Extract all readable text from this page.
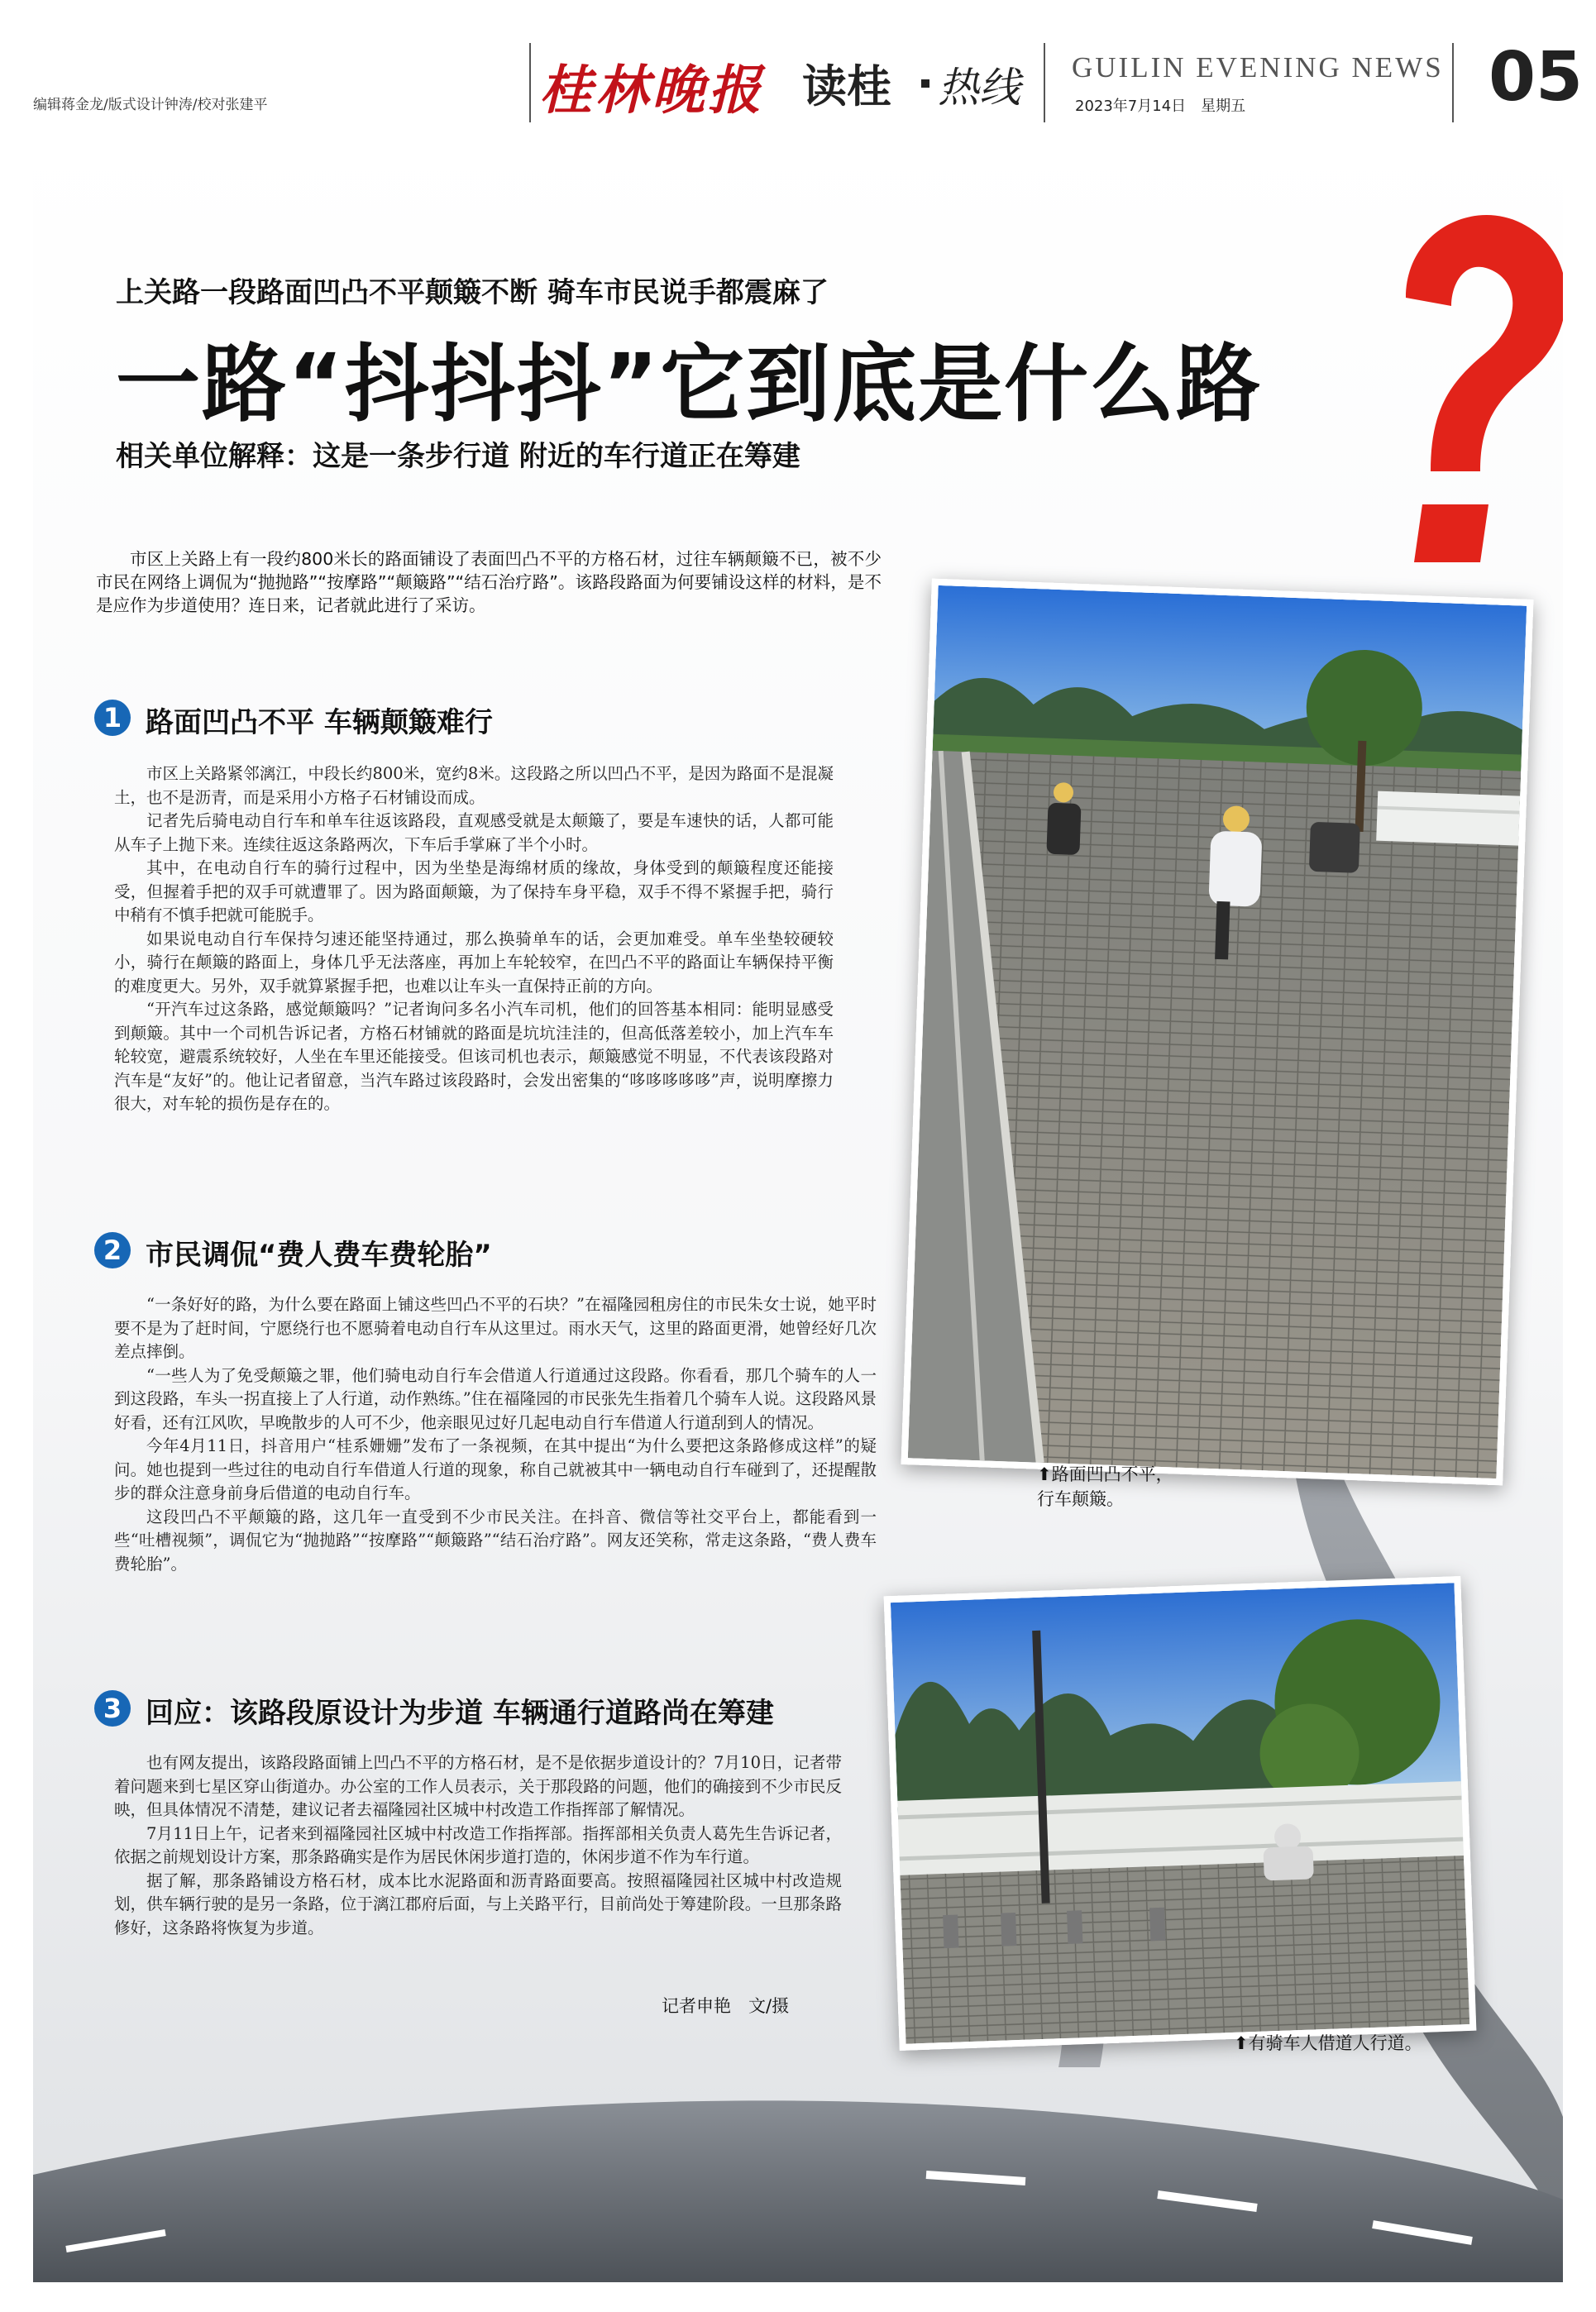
编辑蒋金龙/版式设计钟涛/校对张建平	桂林晚报 读桂 热线 GUILIN EVENING NEWS
2023年7月14日　星期五	05
上关路一段路面凹凸不平颠簸不断 骑车市民说手都震麻了
一路“抖抖抖”它到底是什么路
相关单位解释：这是一条步行道 附近的车行道正在筹建
市区上关路上有一段约800米长的路面铺设了表面凹凸不平的方格石材，过往车辆颠簸不已，被不少市民在网络上调侃为“抛抛路”“按摩路”“颠簸路”“结石治疗路”。该路段路面为何要铺设这样的材料，是不是应作为步道使用？连日来，记者就此进行了采访。
1 路面凹凸不平 车辆颠簸难行

市区上关路紧邻漓江，中段长约800米，宽约8米。这段路之所以凹凸不平，是因为路面不是混凝土，也不是沥青，而是采用小方格子石材铺设而成。

记者先后骑电动自行车和单车往返该路段，直观感受就是太颠簸了，要是车速快的话，人都可能从车子上抛下来。连续往返这条路两次，下车后手掌麻了半个小时。

其中，在电动自行车的骑行过程中，因为坐垫是海绵材质的缘故，身体受到的颠簸程度还能接受，但握着手把的双手可就遭罪了。因为路面颠簸，为了保持车身平稳，双手不得不紧握手把，骑行中稍有不慎手把就可能脱手。

如果说电动自行车保持匀速还能坚持通过，那么换骑单车的话，会更加难受。单车坐垫较硬较小，骑行在颠簸的路面上，身体几乎无法落座，再加上车轮较窄，在凹凸不平的路面让车辆保持平衡的难度更大。另外，双手就算紧握手把，也难以让车头一直保持正前的方向。

“开汽车过这条路，感觉颠簸吗？”记者询问多名小汽车司机，他们的回答基本相同：能明显感受到颠簸。其中一个司机告诉记者，方格石材铺就的路面是坑坑洼洼的，但高低落差较小，加上汽车车轮较宽，避震系统较好，人坐在车里还能接受。但该司机也表示，颠簸感觉不明显，不代表该段路对汽车是“友好”的。他让记者留意，当汽车路过该段路时，会发出密集的“哆哆哆哆哆”声，说明摩擦力很大，对车轮的损伤是存在的。

2 市民调侃“费人费车费轮胎”

“一条好好的路，为什么要在路面上铺这些凹凸不平的石块？”在福隆园租房住的市民朱女士说，她平时要不是为了赶时间，宁愿绕行也不愿骑着电动自行车从这里过。雨水天气，这里的路面更滑，她曾经好几次差点摔倒。

“一些人为了免受颠簸之罪，他们骑电动自行车会借道人行道通过这段路。你看看，那几个骑车的人一到这段路，车头一拐直接上了人行道，动作熟练。”住在福隆园的市民张先生指着几个骑车人说。这段路风景好看，还有江风吹，早晚散步的人可不少，他亲眼见过好几起电动自行车借道人行道刮到人的情况。

今年4月11日，抖音用户“桂系姗姗”发布了一条视频，在其中提出“为什么要把这条路修成这样”的疑问。她也提到一些过往的电动自行车借道人行道的现象，称自己就被其中一辆电动自行车碰到了，还提醒散步的群众注意身前身后借道的电动自行车。

这段凹凸不平颠簸的路，这几年一直受到不少市民关注。在抖音、微信等社交平台上，都能看到一些“吐槽视频”，调侃它为“抛抛路”“按摩路”“颠簸路”“结石治疗路”。网友还笑称，常走这条路，“费人费车费轮胎”。

3 回应：该路段原设计为步道 车辆通行道路尚在筹建

也有网友提出，该路段路面铺上凹凸不平的方格石材，是不是依据步道设计的？7月10日，记者带着问题来到七星区穿山街道办。办公室的工作人员表示，关于那段路的问题，他们的确接到不少市民反映，但具体情况不清楚，建议记者去福隆园社区城中村改造工作指挥部了解情况。

7月11日上午，记者来到福隆园社区城中村改造工作指挥部。指挥部相关负责人葛先生告诉记者，依据之前规划设计方案，那条路确实是作为居民休闲步道打造的，休闲步道不作为车行道。

据了解，那条路铺设方格石材，成本比水泥路面和沥青路面要高。按照福隆园社区城中村改造规划，供车辆行驶的是另一条路，位于漓江郡府后面，与上关路平行，目前尚处于筹建阶段。一旦那条路修好，这条路将恢复为步道。

记者申艳　文/摄
⬆路面凹凸不平，
行车颠簸。
⬆有骑车人借道人行道。
